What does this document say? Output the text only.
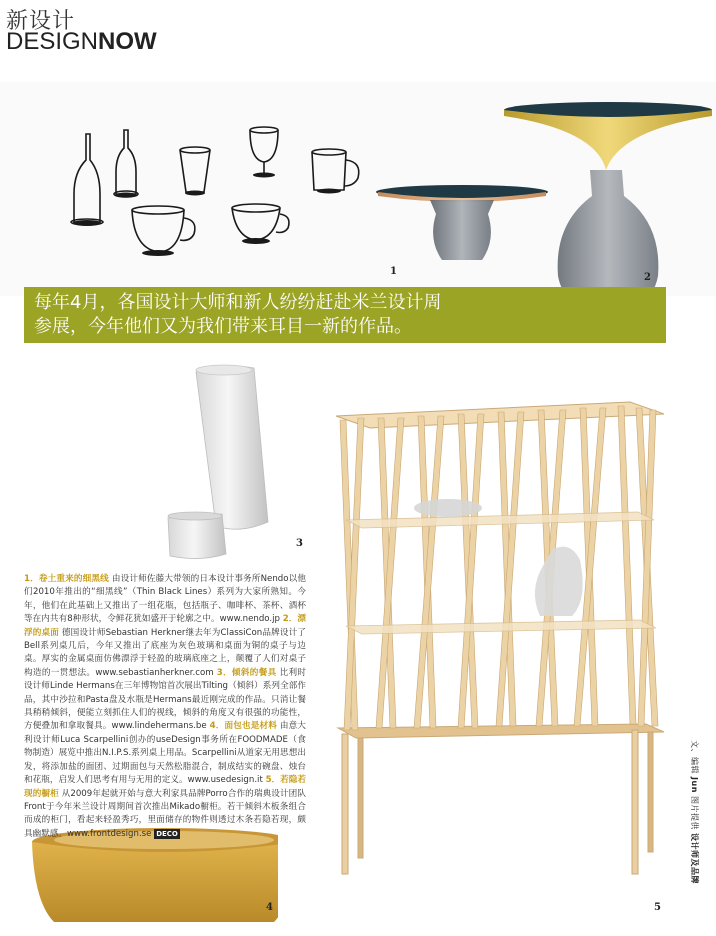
新设计
DESIGNNOW
1
2
每年4月，各国设计大师和新人纷纷赶赴米兰设计周
参展，今年他们又为我们带来耳目一新的作品。
3
5
4
1．卷土重来的细黑线 由设计师佐藤大带领的日本设计事务所Nendo以他们2010年推出的“细黑线”（Thin Black Lines）系列为大家所熟知。今年，他们在此基础上又推出了一组花瓶，包括瓶子、咖啡杯、茶杯、酒杯等在内共有8种形状，令鲜花犹如盛开于轮廓之中。www.nendo.jp 2．漂浮的桌面 德国设计师Sebastian Herkner继去年为ClassiCon品牌设计了Bell系列桌几后，今年又推出了底座为灰色玻璃和桌面为铜的桌子与边桌。厚实的金属桌面仿佛漂浮于轻盈的玻璃底座之上，颠覆了人们对桌子构造的一贯想法。www.sebastianherkner.com 3．倾斜的餐具 比利时设计师Linde Hermans在三年博物馆首次展出Tilting（倾斜）系列全部作品，其中沙拉和Pasta盘及水瓶是Hermans最近刚完成的作品。只消让餐具稍稍倾斜，便能立刻抓住人们的视线，倾斜的角度又有很强的功能性，方便叠加和拿取餐具。www.lindehermans.be 4．面包也是材料 由意大利设计师Luca Scarpellini创办的useDesign事务所在FOODMADE（食物制造）展览中推出N.I.P.S.系列桌上用品。Scarpellini从道家无用思想出发，将添加盐的面团、过期面包与天然松脂混合，制成结实的碗盘、烛台和花瓶，启发人们思考有用与无用的定义。www.usedesign.it 5．若隐若现的橱柜 从2009年起就开始与意大利家具品牌Porro合作的瑞典设计团队Front于今年米兰设计周期间首次推出Mikado橱柜。若干倾斜木板条组合而成的柜门，看起来轻盈秀巧，里面储存的物件则透过木条若隐若现，颇具幽默感。www.frontdesign.se DECO
文、编辑 Jun 图片提供 设计师及品牌
